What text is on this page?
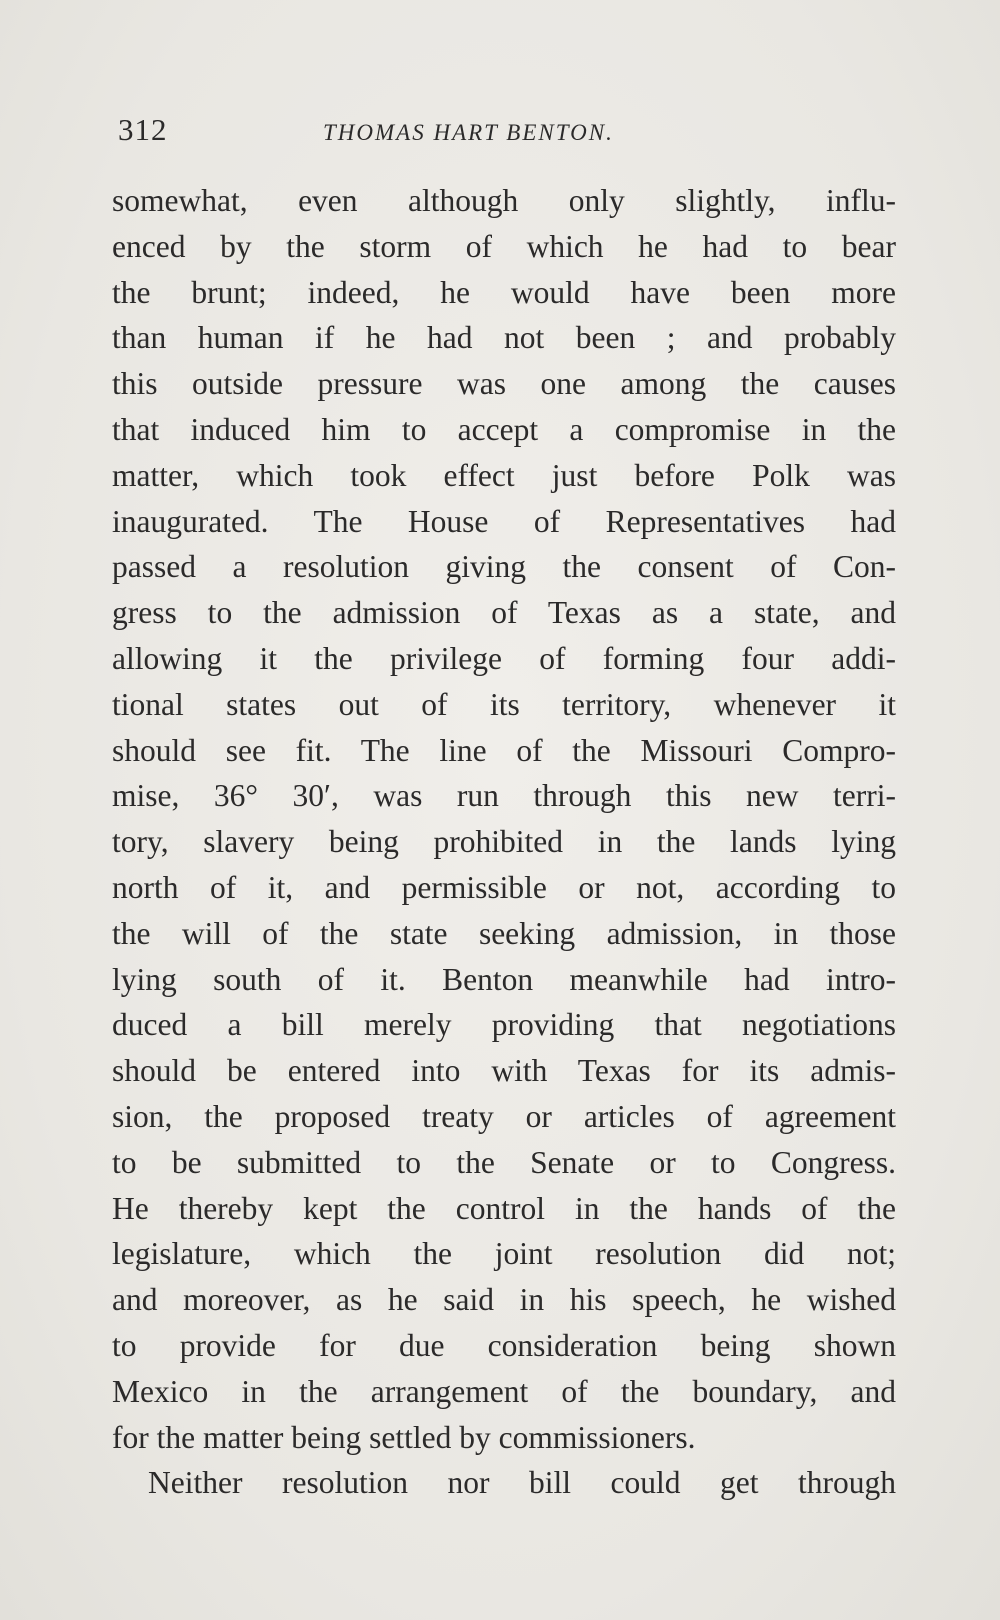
312	THOMAS HART BENTON.
somewhat, even although only slightly, influ-
enced by the storm of which he had to bear
the brunt; indeed, he would have been more
than human if he had not been ; and probably
this outside pressure was one among the causes
that induced him to accept a compromise in the
matter, which took effect just before Polk was
inaugurated. The House of Representatives had
passed a resolution giving the consent of Con-
gress to the admission of Texas as a state, and
allowing it the privilege of forming four addi-
tional states out of its territory, whenever it
should see fit. The line of the Missouri Compro-
mise, 36° 30′, was run through this new terri-
tory, slavery being prohibited in the lands lying
north of it, and permissible or not, according to
the will of the state seeking admission, in those
lying south of it. Benton meanwhile had intro-
duced a bill merely providing that negotiations
should be entered into with Texas for its admis-
sion, the proposed treaty or articles of agreement
to be submitted to the Senate or to Congress.
He thereby kept the control in the hands of the
legislature, which the joint resolution did not;
and moreover, as he said in his speech, he wished
to provide for due consideration being shown
Mexico in the arrangement of the boundary, and
for the matter being settled by commissioners.
Neither resolution nor bill could get through
